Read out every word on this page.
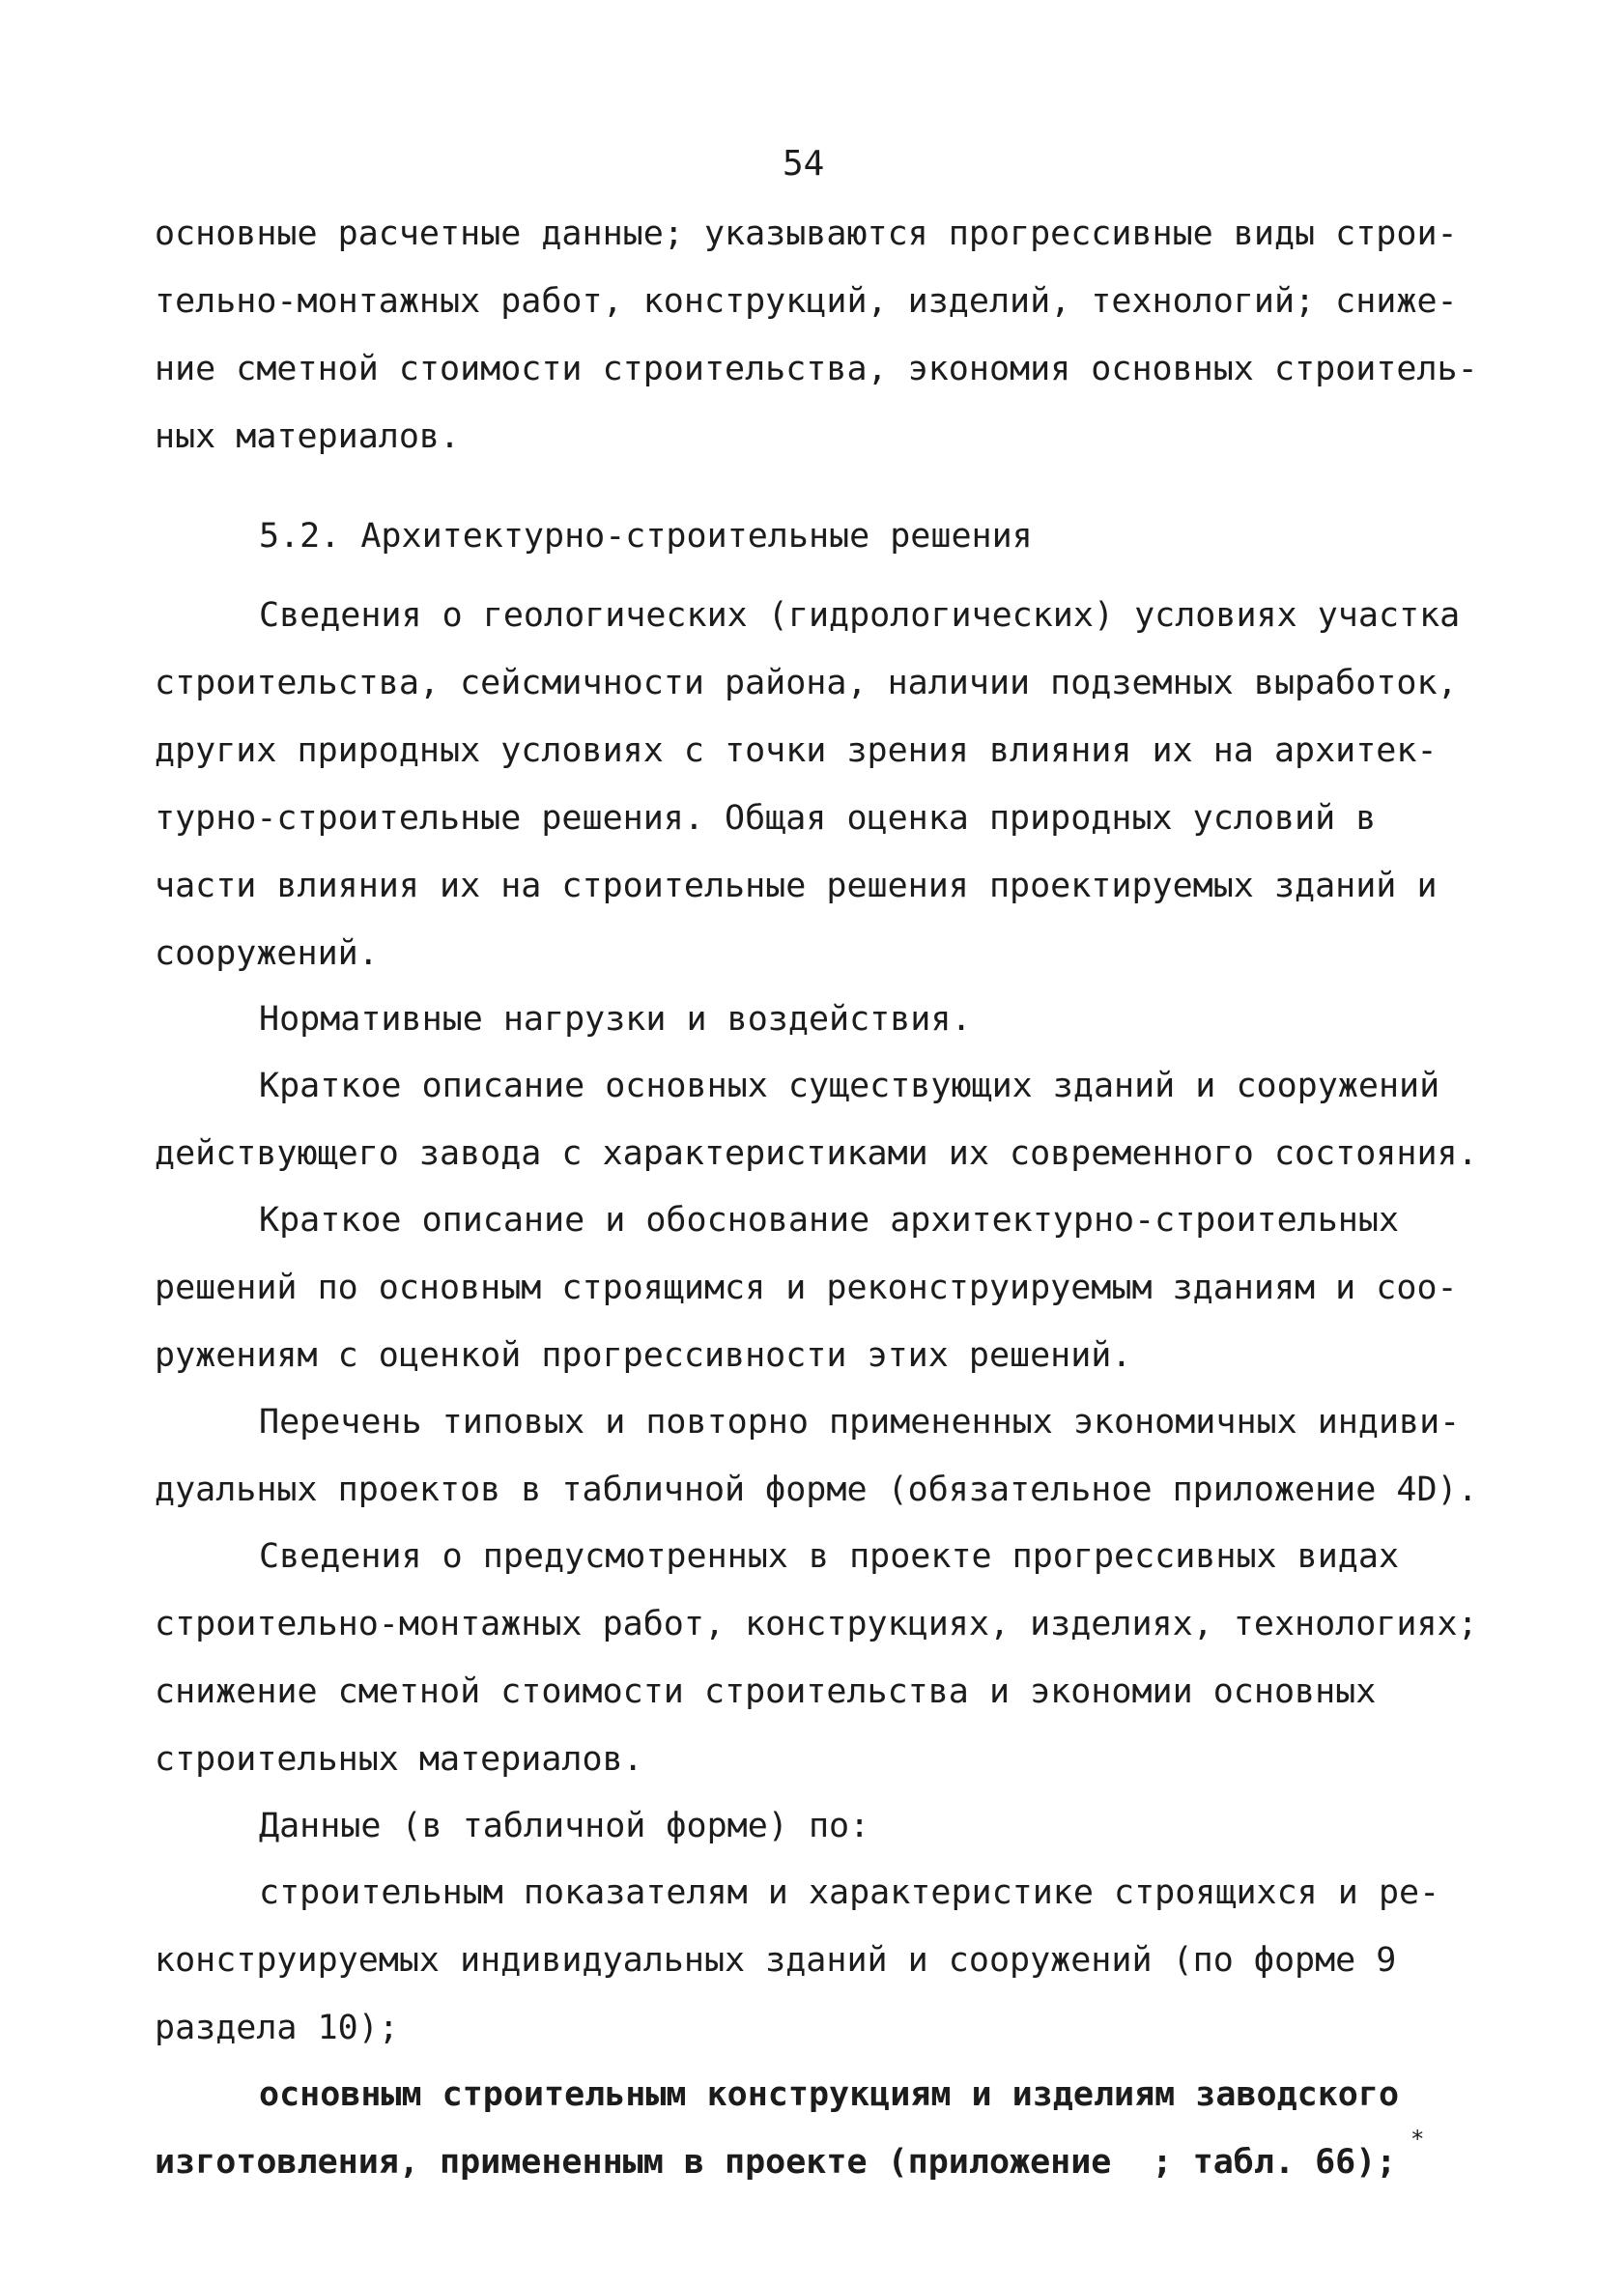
54
основные расчетные данные; указываются прогрессивные виды строи-
тельно-монтажных работ, конструкций, изделий, технологий; сниже-
ние сметной стоимости строительства, экономия основных строитель-
ных материалов.
5.2. Архитектурно-строительные решения
Сведения о геологических (гидрологических) условиях участка
строительства, сейсмичности района, наличии подземных выработок,
других природных условиях с точки зрения влияния их на архитек-
турно-строительные решения. Общая оценка природных условий в
части влияния их на строительные решения проектируемых зданий и
сооружений.
Нормативные нагрузки и воздействия.
Краткое описание основных существующих зданий и сооружений
действующего завода с характеристиками их современного состояния.
Краткое описание и обоснование архитектурно-строительных
решений по основным строящимся и реконструируемым зданиям и соо-
ружениям с оценкой прогрессивности этих решений.
Перечень типовых и повторно примененных экономичных индиви-
дуальных проектов в табличной форме (обязательное приложение 4D).
Сведения о предусмотренных в проекте прогрессивных видах
строительно-монтажных работ, конструкциях, изделиях, технологиях;
снижение сметной стоимости строительства и экономии основных
строительных материалов.
Данные (в табличной форме) по:
строительным показателям и характеристике строящихся и ре-
конструируемых индивидуальных зданий и сооружений (по форме 9
раздела 10);
основным строительным конструкциям и изделиям заводского
изготовления, примененным в проекте (приложение  ; табл. 66);
*
